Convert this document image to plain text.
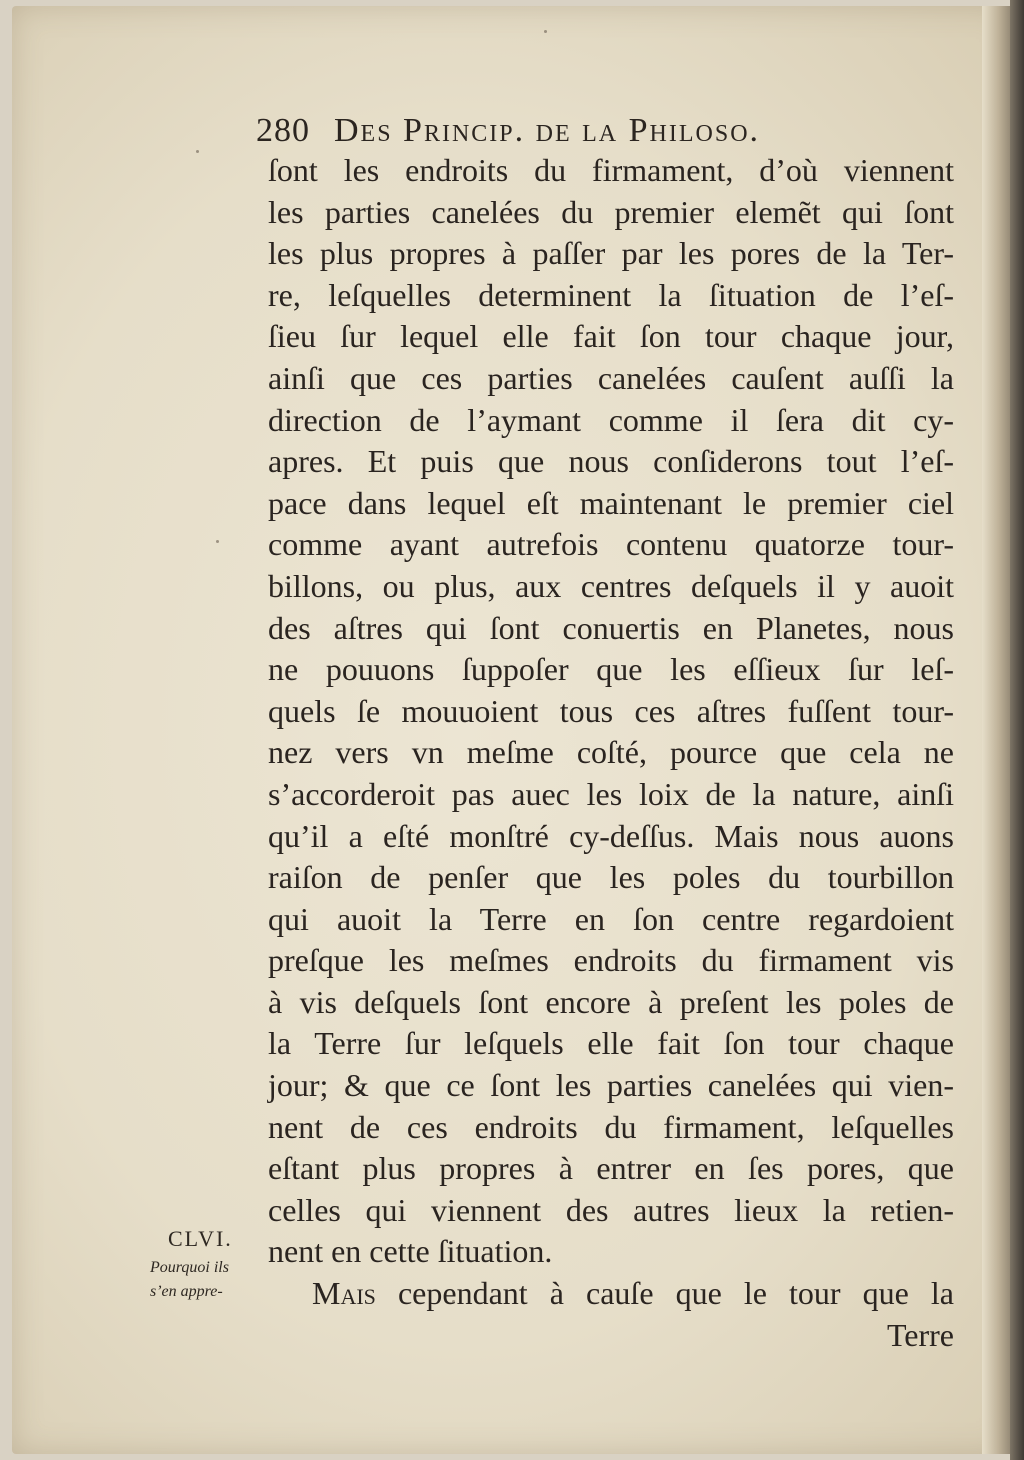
280 Des Princip. de la Philoso.
ſont les endroits du firmament, d’où viennent
les parties canelées du premier elemẽt qui ſont
les plus propres à paſſer par les pores de la Ter-
re, leſquelles determinent la ſituation de l’eſ-
ſieu ſur lequel elle fait ſon tour chaque jour,
ainſi que ces parties canelées cauſent auſſi la
direction de l’aymant comme il ſera dit cy-
apres. Et puis que nous conſiderons tout l’eſ-
pace dans lequel eſt maintenant le premier ciel
comme ayant autrefois contenu quatorze tour-
billons, ou plus, aux centres deſquels il y auoit
des aſtres qui ſont conuertis en Planetes, nous
ne pouuons ſuppoſer que les eſſieux ſur leſ-
quels ſe mouuoient tous ces aſtres fuſſent tour-
nez vers vn meſme coſté, pource que cela ne
s’accorderoit pas auec les loix de la nature, ainſi
qu’il a eſté monſtré cy-deſſus. Mais nous auons
raiſon de penſer que les poles du tourbillon
qui auoit la Terre en ſon centre regardoient
preſque les meſmes endroits du firmament vis
à vis deſquels ſont encore à preſent les poles de
la Terre ſur leſquels elle fait ſon tour chaque
jour; & que ce ſont les parties canelées qui vien-
nent de ces endroits du firmament, leſquelles
eſtant plus propres à entrer en ſes pores, que
celles qui viennent des autres lieux la retien-
nent en cette ſituation.
Mais cependant à cauſe que le tour que la
Terre
CLVI.
Pourquoi ils
s’en appre-
